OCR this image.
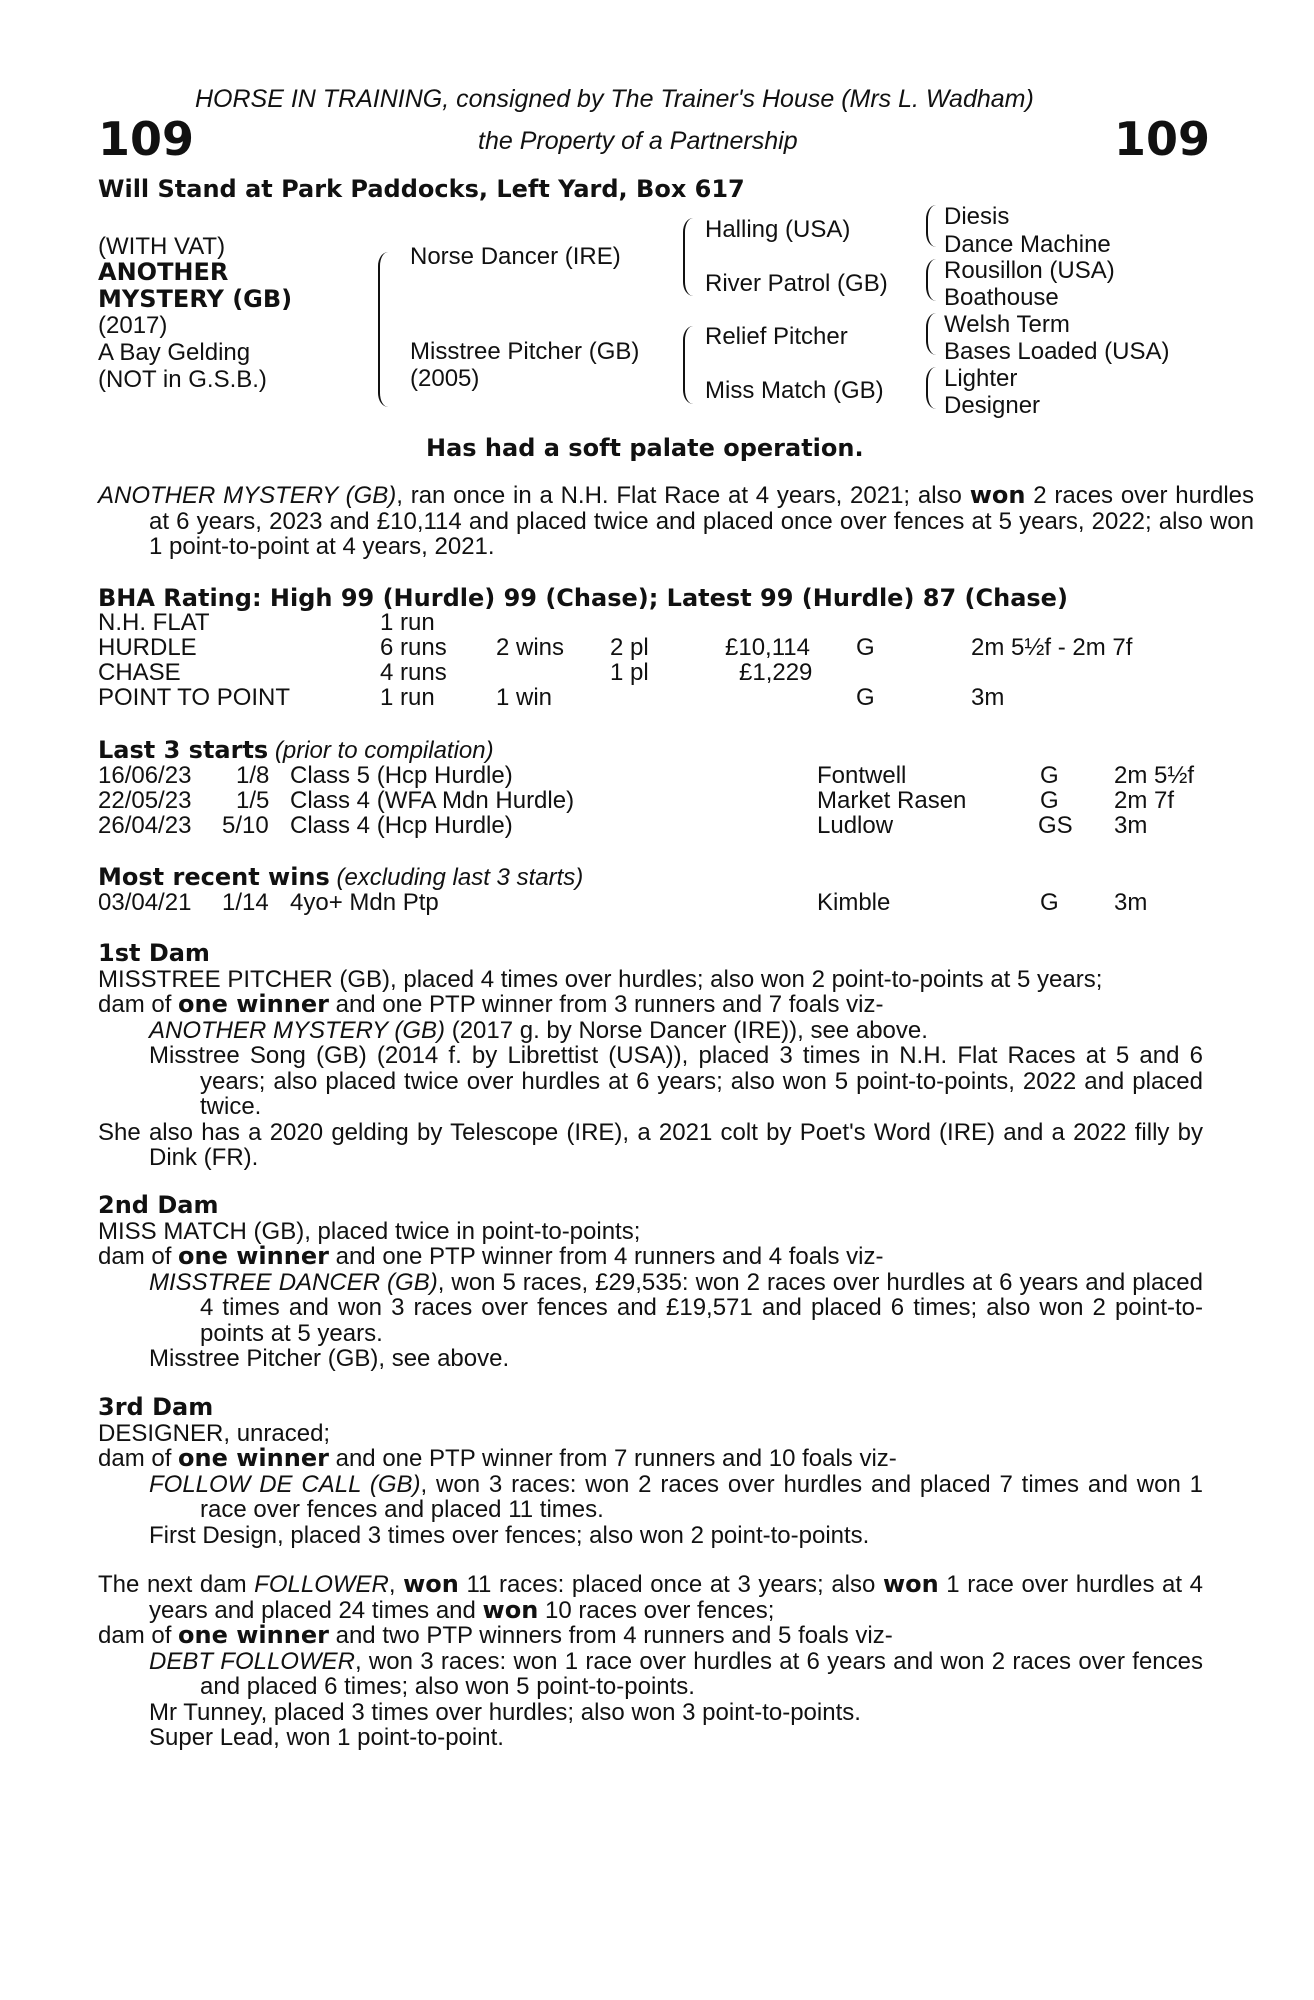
HORSE IN TRAINING, consigned by The Trainer's House (Mrs L. Wadham)
109	the Property of a Partnership	109
Will Stand at Park Paddocks, Left Yard, Box 617
(WITH VAT)
ANOTHER
MYSTERY (GB)
(2017)
A Bay Gelding
(NOT in G.S.B.)
Norse Dancer (IRE)
Misstree Pitcher (GB)
(2005)
Halling (USA)
River Patrol (GB)
Relief Pitcher
Miss Match (GB)
Diesis
Dance Machine
Rousillon (USA)
Boathouse
Welsh Term
Bases Loaded (USA)
Lighter
Designer
Has had a soft palate operation.
ANOTHER MYSTERY (GB), ran once in a N.H. Flat Race at 4 years, 2021; also won 2 races over hurdles at 6 years, 2023 and £10,114 and placed twice and placed once over fences at 5 years, 2022; also won 1 point-to-point at 4 years, 2021.
BHA Rating: High 99 (Hurdle) 99 (Chase); Latest 99 (Hurdle) 87 (Chase)
N.H. FLAT	1 run
HURDLE	6 runs 2 wins 2 pl	£10,114 G	2m 5½f - 2m 7f
CHASE	4 runs	1 pl	£1,229
POINT TO POINT	1 run	1 win	G	3m
Last 3 starts (prior to compilation)
16/06/23 1/8 Class 5 (Hcp Hurdle)	Fontwell	G 2m 5½f
22/05/23 1/5 Class 4 (WFA Mdn Hurdle)	Market Rasen	G 2m 7f
26/04/23 5/10 Class 4 (Hcp Hurdle)	Ludlow	GS 3m
Most recent wins (excluding last 3 starts)
03/04/21 1/14 4yo+ Mdn Ptp	Kimble	G 3m
1st Dam
MISSTREE PITCHER (GB), placed 4 times over hurdles; also won 2 point-to-points at 5 years;
dam of one winner and one PTP winner from 3 runners and 7 foals viz-
ANOTHER MYSTERY (GB) (2017 g. by Norse Dancer (IRE)), see above.
Misstree Song (GB) (2014 f. by Librettist (USA)), placed 3 times in N.H. Flat Races at 5 and 6 years; also placed twice over hurdles at 6 years; also won 5 point-to-points, 2022 and placed twice.
She also has a 2020 gelding by Telescope (IRE), a 2021 colt by Poet's Word (IRE) and a 2022 filly by Dink (FR).
2nd Dam
MISS MATCH (GB), placed twice in point-to-points;
dam of one winner and one PTP winner from 4 runners and 4 foals viz-
MISSTREE DANCER (GB), won 5 races, £29,535: won 2 races over hurdles at 6 years and placed 4 times and won 3 races over fences and £19,571 and placed 6 times; also won 2 point-to-points at 5 years.
Misstree Pitcher (GB), see above.
3rd Dam
DESIGNER, unraced;
dam of one winner and one PTP winner from 7 runners and 10 foals viz-
FOLLOW DE CALL (GB), won 3 races: won 2 races over hurdles and placed 7 times and won 1 race over fences and placed 11 times.
First Design, placed 3 times over fences; also won 2 point-to-points.
The next dam FOLLOWER, won 11 races: placed once at 3 years; also won 1 race over hurdles at 4 years and placed 24 times and won 10 races over fences;
dam of one winner and two PTP winners from 4 runners and 5 foals viz-
DEBT FOLLOWER, won 3 races: won 1 race over hurdles at 6 years and won 2 races over fences and placed 6 times; also won 5 point-to-points.
Mr Tunney, placed 3 times over hurdles; also won 3 point-to-points.
Super Lead, won 1 point-to-point.
